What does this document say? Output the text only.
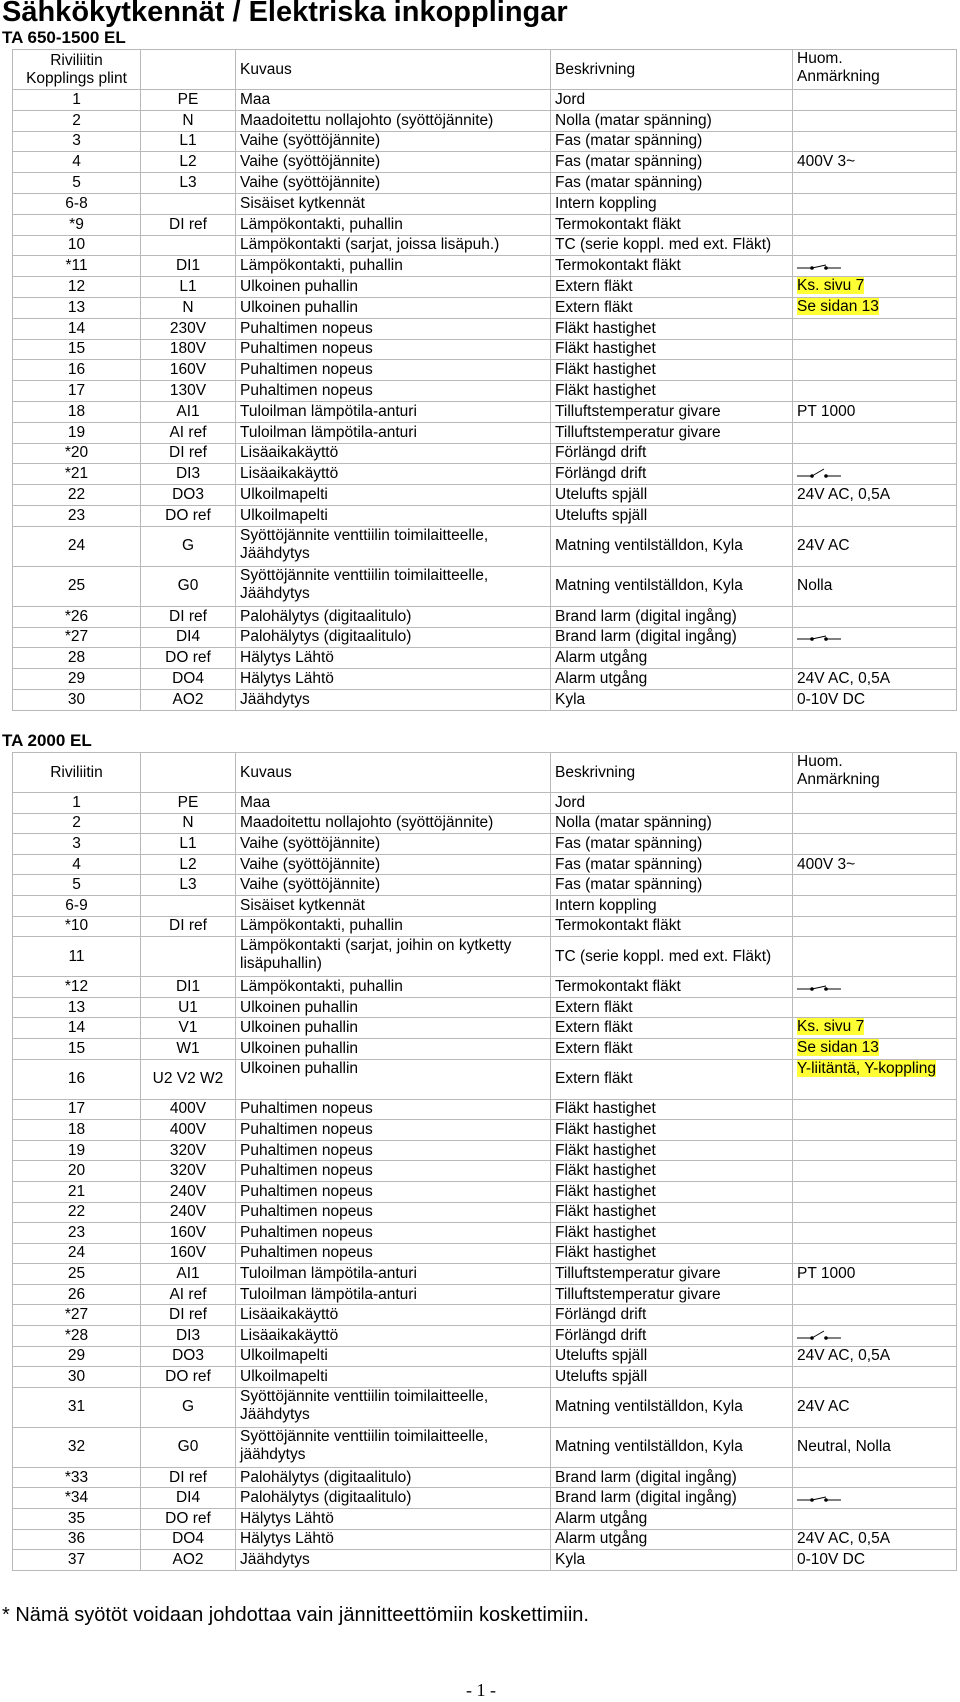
Sähkökytkennät / Elektriska inkopplingar
TA 650-1500 EL
Riviliitin
Kopplings plint		Kuvaus	Beskrivning	Huom.
Anmärkning
1	PE	Maa	Jord	
2	N	Maadoitettu nollajohto (syöttöjännite)	Nolla (matar spänning)	
3	L1	Vaihe (syöttöjännite)	Fas (matar spänning)	
4	L2	Vaihe (syöttöjännite)	Fas (matar spänning)	400V 3~
5	L3	Vaihe (syöttöjännite)	Fas (matar spänning)	
6-8		Sisäiset kytkennät	Intern koppling	
*9	DI ref	Lämpökontakti, puhallin	Termokontakt fläkt	
10		Lämpökontakti (sarjat, joissa lisäpuh.)	TC (serie koppl. med ext. Fläkt)	
*11	DI1	Lämpökontakti, puhallin	Termokontakt fläkt	
12	L1	Ulkoinen puhallin	Extern fläkt	Ks. sivu 7
13	N	Ulkoinen puhallin	Extern fläkt	Se sidan 13
14	230V	Puhaltimen nopeus	Fläkt hastighet	
15	180V	Puhaltimen nopeus	Fläkt hastighet	
16	160V	Puhaltimen nopeus	Fläkt hastighet	
17	130V	Puhaltimen nopeus	Fläkt hastighet	
18	AI1	Tuloilman lämpötila-anturi	Tilluftstemperatur givare	PT 1000
19	AI ref	Tuloilman lämpötila-anturi	Tilluftstemperatur givare	
*20	DI ref	Lisäaikakäyttö	Förlängd drift	
*21	DI3	Lisäaikakäyttö	Förlängd drift	
22	DO3	Ulkoilmapelti	Utelufts spjäll	24V AC, 0,5A
23	DO ref	Ulkoilmapelti	Utelufts spjäll	
24	G	Syöttöjännite venttiilin toimilaitteelle, Jäähdytys	Matning ventilställdon, Kyla	24V AC
25	G0	Syöttöjännite venttiilin toimilaitteelle, Jäähdytys	Matning ventilställdon, Kyla	Nolla
*26	DI ref	Palohälytys (digitaalitulo)	Brand larm (digital ingång)	
*27	DI4	Palohälytys (digitaalitulo)	Brand larm (digital ingång)	
28	DO ref	Hälytys Lähtö	Alarm utgång	
29	DO4	Hälytys Lähtö	Alarm utgång	24V AC, 0,5A
30	AO2	Jäähdytys	Kyla	0-10V DC
TA 2000 EL
Riviliitin		Kuvaus	Beskrivning	Huom.
Anmärkning
1	PE	Maa	Jord	
2	N	Maadoitettu nollajohto (syöttöjännite)	Nolla (matar spänning)	
3	L1	Vaihe (syöttöjännite)	Fas (matar spänning)	
4	L2	Vaihe (syöttöjännite)	Fas (matar spänning)	400V 3~
5	L3	Vaihe (syöttöjännite)	Fas (matar spänning)	
6-9		Sisäiset kytkennät	Intern koppling	
*10	DI ref	Lämpökontakti, puhallin	Termokontakt fläkt	
11		Lämpökontakti (sarjat, joihin on kytketty lisäpuhallin)	TC (serie koppl. med ext. Fläkt)	
*12	DI1	Lämpökontakti, puhallin	Termokontakt fläkt	
13	U1	Ulkoinen puhallin	Extern fläkt	
14	V1	Ulkoinen puhallin	Extern fläkt	Ks. sivu 7
15	W1	Ulkoinen puhallin	Extern fläkt	Se sidan 13
16	U2 V2 W2	Ulkoinen puhallin	Extern fläkt	Y-liitäntä, Y-koppling
17	400V	Puhaltimen nopeus	Fläkt hastighet	
18	400V	Puhaltimen nopeus	Fläkt hastighet	
19	320V	Puhaltimen nopeus	Fläkt hastighet	
20	320V	Puhaltimen nopeus	Fläkt hastighet	
21	240V	Puhaltimen nopeus	Fläkt hastighet	
22	240V	Puhaltimen nopeus	Fläkt hastighet	
23	160V	Puhaltimen nopeus	Fläkt hastighet	
24	160V	Puhaltimen nopeus	Fläkt hastighet	
25	AI1	Tuloilman lämpötila-anturi	Tilluftstemperatur givare	PT 1000
26	AI ref	Tuloilman lämpötila-anturi	Tilluftstemperatur givare	
*27	DI ref	Lisäaikakäyttö	Förlängd drift	
*28	DI3	Lisäaikakäyttö	Förlängd drift	
29	DO3	Ulkoilmapelti	Utelufts spjäll	24V AC, 0,5A
30	DO ref	Ulkoilmapelti	Utelufts spjäll	
31	G	Syöttöjännite venttiilin toimilaitteelle, Jäähdytys	Matning ventilställdon, Kyla	24V AC
32	G0	Syöttöjännite venttiilin toimilaitteelle, jäähdytys	Matning ventilställdon, Kyla	Neutral, Nolla
*33	DI ref	Palohälytys (digitaalitulo)	Brand larm (digital ingång)	
*34	DI4	Palohälytys (digitaalitulo)	Brand larm (digital ingång)	
35	DO ref	Hälytys Lähtö	Alarm utgång	
36	DO4	Hälytys Lähtö	Alarm utgång	24V AC, 0,5A
37	AO2	Jäähdytys	Kyla	0-10V DC

* Nämä syötöt voidaan johdottaa vain jännitteettömiin koskettimiin.

- 1 -
